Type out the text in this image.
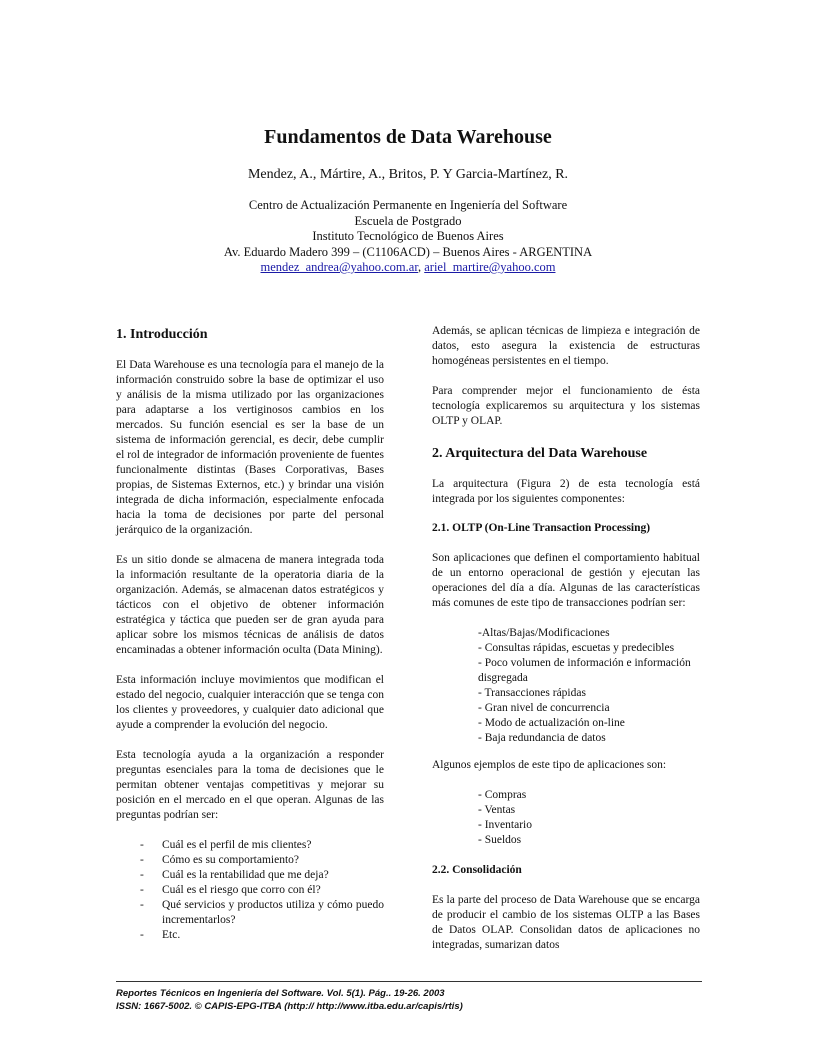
Fundamentos de Data Warehouse

Mendez, A., Mártire, A., Britos, P. Y Garcia-Martínez, R.

Centro de Actualización Permanente en Ingeniería del Software
Escuela de Postgrado
Instituto Tecnológico de Buenos Aires
Av. Eduardo Madero 399 – (C1106ACD) – Buenos Aires - ARGENTINA
mendez_andrea@yahoo.com.ar, ariel_martire@yahoo.com
1. Introducción

El Data Warehouse es una tecnología para el manejo de la información construido sobre la base de optimizar el uso y análisis de la misma utilizado por las organizaciones para adaptarse a los vertiginosos cambios en los mercados. Su función esencial es ser la base de un sistema de información gerencial, es decir, debe cumplir el rol de integrador de información proveniente de fuentes funcionalmente distintas (Bases Corporativas, Bases propias, de Sistemas Externos, etc.) y brindar una visión integrada de dicha información, especialmente enfocada hacia la toma de decisiones por parte del personal jerárquico de la organización.

Es un sitio donde se almacena de manera integrada toda la información resultante de la operatoria diaria de la organización. Además, se almacenan datos estratégicos y tácticos con el objetivo de obtener información estratégica y táctica que pueden ser de gran ayuda para aplicar sobre los mismos técnicas de análisis de datos encaminadas a obtener información oculta (Data Mining).

Esta información incluye movimientos que modifican el estado del negocio, cualquier interacción que se tenga con los clientes y proveedores, y cualquier dato adicional que ayude a comprender la evolución del negocio.

Esta tecnología ayuda a la organización a responder preguntas esenciales para la toma de decisiones que le permitan obtener ventajas competitivas y mejorar su posición en el mercado en el que operan. Algunas de las preguntas podrían ser:

- Cuál es el perfil de mis clientes?
- Cómo es su comportamiento?
- Cuál es la rentabilidad que me deja?
- Cuál es el riesgo que corro con él?
- Qué servicios y productos utiliza y cómo puedo incrementarlos?
- Etc.

Además, se aplican técnicas de limpieza e integración de datos, esto asegura la existencia de estructuras homogéneas persistentes en el tiempo.

Para comprender mejor el funcionamiento de ésta tecnología explicaremos su arquitectura y los sistemas OLTP y OLAP.

2. Arquitectura del Data Warehouse

La arquitectura (Figura 2) de esta tecnología está integrada por los siguientes componentes:

2.1. OLTP (On-Line Transaction Processing)

Son aplicaciones que definen el comportamiento habitual de un entorno operacional de gestión y ejecutan las operaciones del día a día. Algunas de las características más comunes de este tipo de transacciones podrían ser:

-Altas/Bajas/Modificaciones
- Consultas rápidas, escuetas y predecibles
- Poco volumen de información e información disgregada
- Transacciones rápidas
- Gran nivel de concurrencia
- Modo de actualización on-line
- Baja redundancia de datos

Algunos ejemplos de este tipo de aplicaciones son:

- Compras
- Ventas
- Inventario
- Sueldos
2.2. Consolidación

Es la parte del proceso de Data Warehouse que se encarga de producir el cambio de los sistemas OLTP a las Bases de Datos OLAP. Consolidan datos de aplicaciones no integradas, sumarizan datos

Reportes Técnicos en Ingeniería del Software. Vol. 5(1). Pág.. 19-26. 2003
ISSN: 1667-5002. © CAPIS-EPG-ITBA (http:// http://www.itba.edu.ar/capis/rtis)
